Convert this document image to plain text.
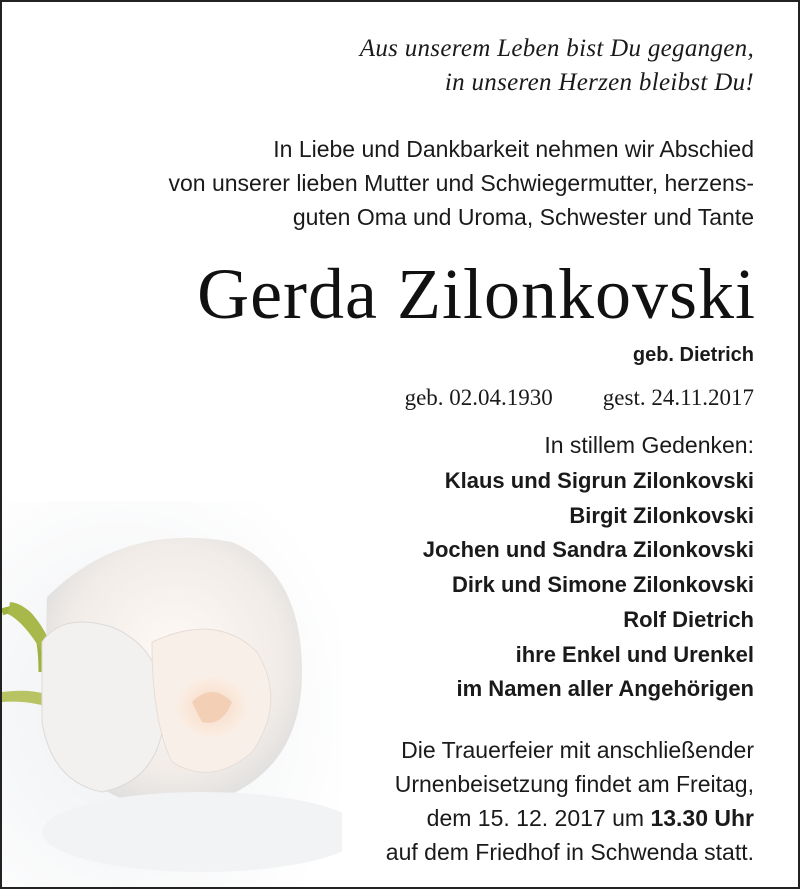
Aus unserem Leben bist Du gegangen,
in unseren Herzen bleibst Du!
In Liebe und Dankbarkeit nehmen wir Abschied
von unserer lieben Mutter und Schwiegermutter, herzens-
guten Oma und Uroma, Schwester und Tante
Gerda Zilonkovski
geb. Dietrich
geb. 02.04.1930 gest. 24.11.2017
In stillem Gedenken:
Klaus und Sigrun Zilonkovski
Birgit Zilonkovski
Jochen und Sandra Zilonkovski
Dirk und Simone Zilonkovski
Rolf Dietrich
ihre Enkel und Urenkel
im Namen aller Angehörigen
Die Trauerfeier mit anschließender
Urnenbeisetzung findet am Freitag,
dem 15. 12. 2017 um 13.30 Uhr
auf dem Friedhof in Schwenda statt.
